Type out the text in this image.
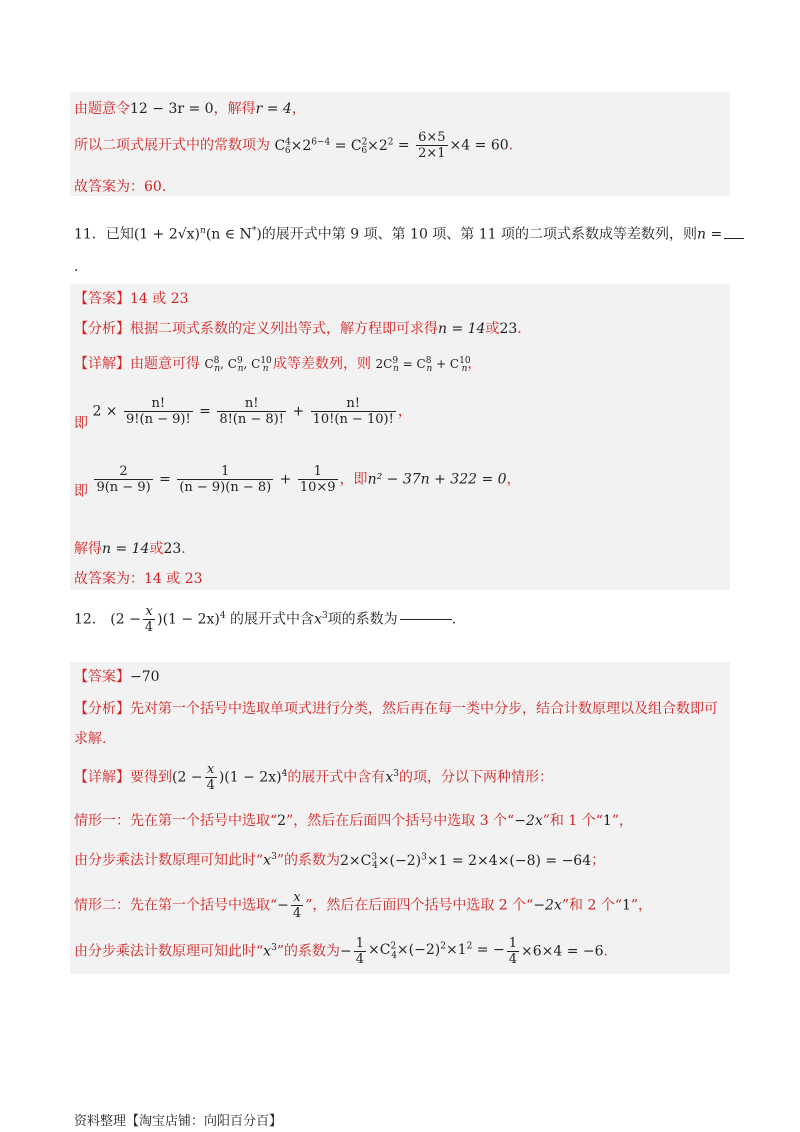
由题意令12 − 3r = 0，解得r = 4，
所以二项式展开式中的常数项为 $C^4_6\times 2^{6-4} = C^2_6\times 2^2 = \frac{6\times 5}{2\times 1} \times 4 = 60$.
故答案为：60.
11．已知$(1 + 2√x)^n(n$ ∈ N*)的展开式中第 9 项、第 10 项、第 11 项的二项式系数成等差数列，则n =
.
【答案】14 或 23
【分析】根据二项式系数的定义列出等式，解方程即可求得n = 14或23.
【详解】由题意可得 $C^8_n$, $C^9_n$, $C^{10}_n$ 成等差数列，则 $2C^9_n = C^8_n + C^{10}_n$，
即 $2 \times \frac{n!}{9!(n - 9)!} = \frac{n!}{8!(n - 8)!} + \frac{n!}{10!(n - 10)!}$ ，
即 $\frac{2}{9(n - 9)} = \frac{1}{(n - 9)(n - 8)} + \frac{1}{10\times 9}$ ，即n² − 37n + 322 = 0，
解得n = 14或23.
故答案为：14 或 23
12． $(2 - \frac{x}{4} )(1 - 2x)^4$ 的展开式中含$x^3$项的系数为	.
【答案】−70
【分析】先对第一个括号中选取单项式进行分类，然后再在每一类中分步，结合计数原理以及组合数即可
求解.
【详解】要得到$(2 - \frac{x}{4} )(1 - 2x)^4$的展开式中含有$x^3$的项，分以下两种情形：
情形一：先在第一个括号中选取“2”，然后在后面四个括号中选取 3 个“−2x”和 1 个“1”，
由分步乘法计数原理可知此时“$x^3$”的系数为$2\times C^3_4\times(-2)^3\times 1 = 2\times 4\times(-8) = -64$；
情形二：先在第一个括号中选取“− $\frac{x}{4}$ ”，然后在后面四个括号中选取 2 个“−2x”和 2 个“1”，
由分步乘法计数原理可知此时“$x^3$”的系数为− $\frac{1}{4} \times C^2_4\times(-2)^2\times 1^2$ = − $\frac{1}{4} \times 6\times 4 = -6$.
资料整理【淘宝店铺：向阳百分百】
